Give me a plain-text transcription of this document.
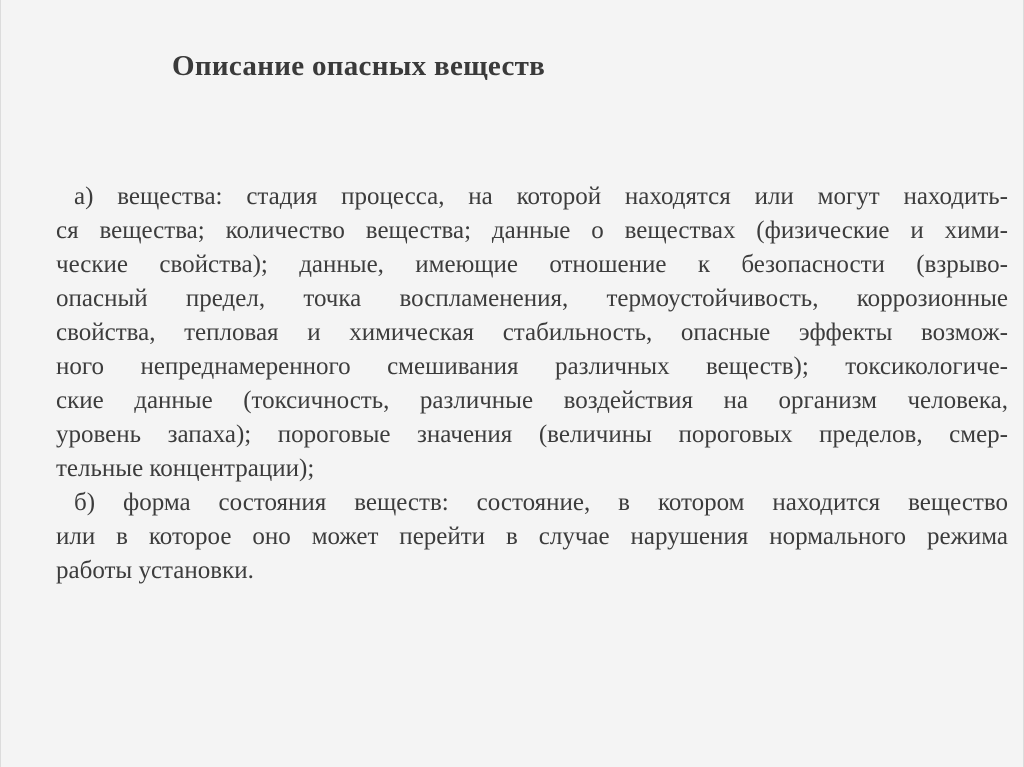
Описание опасных веществ
а) вещества: стадия процесса, на которой находятся или могут находить-
ся вещества; количество вещества; данные о веществах (физические и хими-
ческие свойства); данные, имеющие отношение к безопасности (взрыво-
опасный предел, точка воспламенения, термоустойчивость, коррозионные
свойства, тепловая и химическая стабильность, опасные эффекты возмож-
ного непреднамеренного смешивания различных веществ); токсикологиче-
ские данные (токсичность, различные воздействия на организм человека,
уровень запаха); пороговые значения (величины пороговых пределов, смер-
тельные концентрации);
б) форма состояния веществ: состояние, в котором находится вещество
или в которое оно может перейти в случае нарушения нормального режима
работы установки.
